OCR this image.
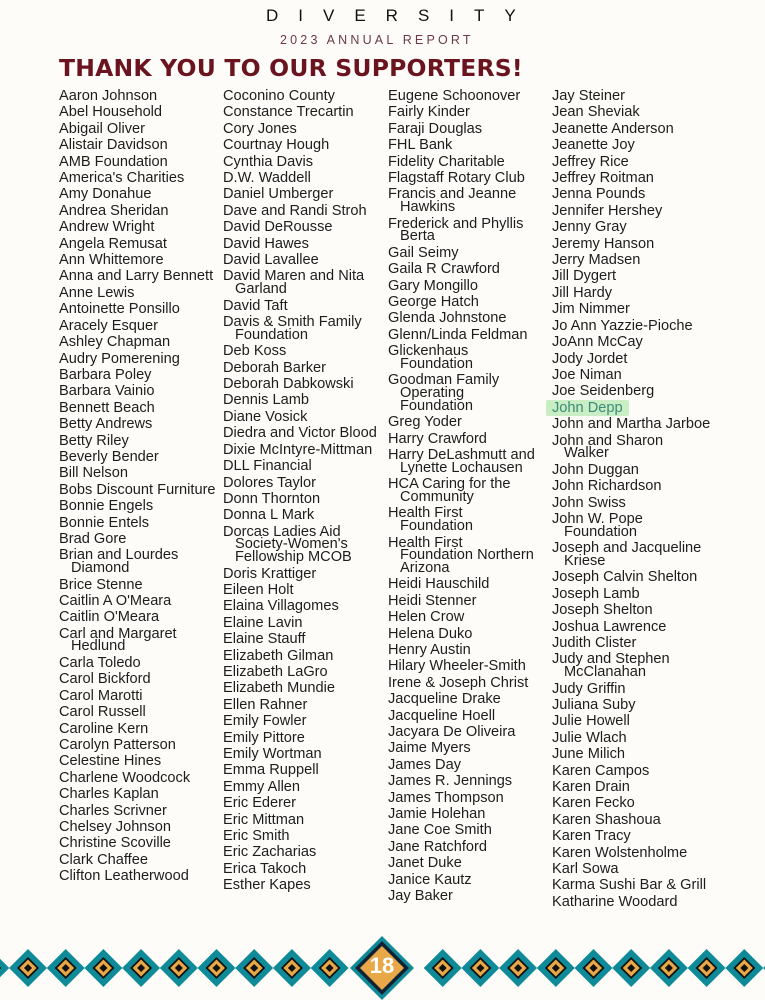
DIVERSITY
2023 ANNUAL REPORT
THANK YOU TO OUR SUPPORTERS!
Aaron Johnson
Abel Household
Abigail Oliver
Alistair Davidson
AMB Foundation
America's Charities
Amy Donahue
Andrea Sheridan
Andrew Wright
Angela Remusat
Ann Whittemore
Anna and Larry Bennett
Anne Lewis
Antoinette Ponsillo
Aracely Esquer
Ashley Chapman
Audry Pomerening
Barbara Poley
Barbara Vainio
Bennett Beach
Betty Andrews
Betty Riley
Beverly Bender
Bill Nelson
Bobs Discount Furniture
Bonnie Engels
Bonnie Entels
Brad Gore
Brian and Lourdes Diamond
Brice Stenne
Caitlin A O'Meara
Caitlin O'Meara
Carl and Margaret Hedlund
Carla Toledo
Carol Bickford
Carol Marotti
Carol Russell
Caroline Kern
Carolyn Patterson
Celestine Hines
Charlene Woodcock
Charles Kaplan
Charles Scrivner
Chelsey Johnson
Christine Scoville
Clark Chaffee
Clifton Leatherwood
Coconino County
Constance Trecartin
Cory Jones
Courtnay Hough
Cynthia Davis
D.W. Waddell
Daniel Umberger
Dave and Randi Stroh
David DeRousse
David Hawes
David Lavallee
David Maren and Nita Garland
David Taft
Davis & Smith Family Foundation
Deb Koss
Deborah Barker
Deborah Dabkowski
Dennis Lamb
Diane Vosick
Diedra and Victor Blood
Dixie McIntyre-Mittman
DLL Financial
Dolores Taylor
Donn Thornton
Donna L Mark
Dorcas Ladies Aid Society-Women's Fellowship MCOB
Doris Krattiger
Eileen Holt
Elaina Villagomes
Elaine Lavin
Elaine Stauff
Elizabeth Gilman
Elizabeth LaGro
Elizabeth Mundie
Ellen Rahner
Emily Fowler
Emily Pittore
Emily Wortman
Emma Ruppell
Emmy Allen
Eric Ederer
Eric Mittman
Eric Smith
Eric Zacharias
Erica Takoch
Esther Kapes
Eugene Schoonover
Fairly Kinder
Faraji Douglas
FHL Bank
Fidelity Charitable
Flagstaff Rotary Club
Francis and Jeanne Hawkins
Frederick and Phyllis Berta
Gail Seimy
Gaila R Crawford
Gary Mongillo
George Hatch
Glenda Johnstone
Glenn/Linda Feldman
Glickenhaus Foundation
Goodman Family Operating Foundation
Greg Yoder
Harry Crawford
Harry DeLashmutt and Lynette Lochausen
HCA Caring for the Community
Health First Foundation
Health First Foundation Northern Arizona
Heidi Hauschild
Heidi Stenner
Helen Crow
Helena Duko
Henry Austin
Hilary Wheeler-Smith
Irene & Joseph Christ
Jacqueline Drake
Jacqueline Hoell
Jacyara De Oliveira
Jaime Myers
James Day
James R. Jennings
James Thompson
Jamie Holehan
Jane Coe Smith
Jane Ratchford
Janet Duke
Janice Kautz
Jay Baker
Jay Steiner
Jean Sheviak
Jeanette Anderson
Jeanette Joy
Jeffrey Rice
Jeffrey Roitman
Jenna Pounds
Jennifer Hershey
Jenny Gray
Jeremy Hanson
Jerry Madsen
Jill Dygert
Jill Hardy
Jim Nimmer
Jo Ann Yazzie-Pioche
JoAnn McCay
Jody Jordet
Joe Niman
Joe Seidenberg
John Depp
John and Martha Jarboe
John and Sharon Walker
John Duggan
John Richardson
John Swiss
John W. Pope Foundation
Joseph and Jacqueline Kriese
Joseph Calvin Shelton
Joseph Lamb
Joseph Shelton
Joshua Lawrence
Judith Clister
Judy and Stephen McClanahan
Judy Griffin
Juliana Suby
Julie Howell
Julie Wlach
June Milich
Karen Campos
Karen Drain
Karen Fecko
Karen Shashoua
Karen Tracy
Karen Wolstenholme
Karl Sowa
Karma Sushi Bar & Grill
Katharine Woodard
18
